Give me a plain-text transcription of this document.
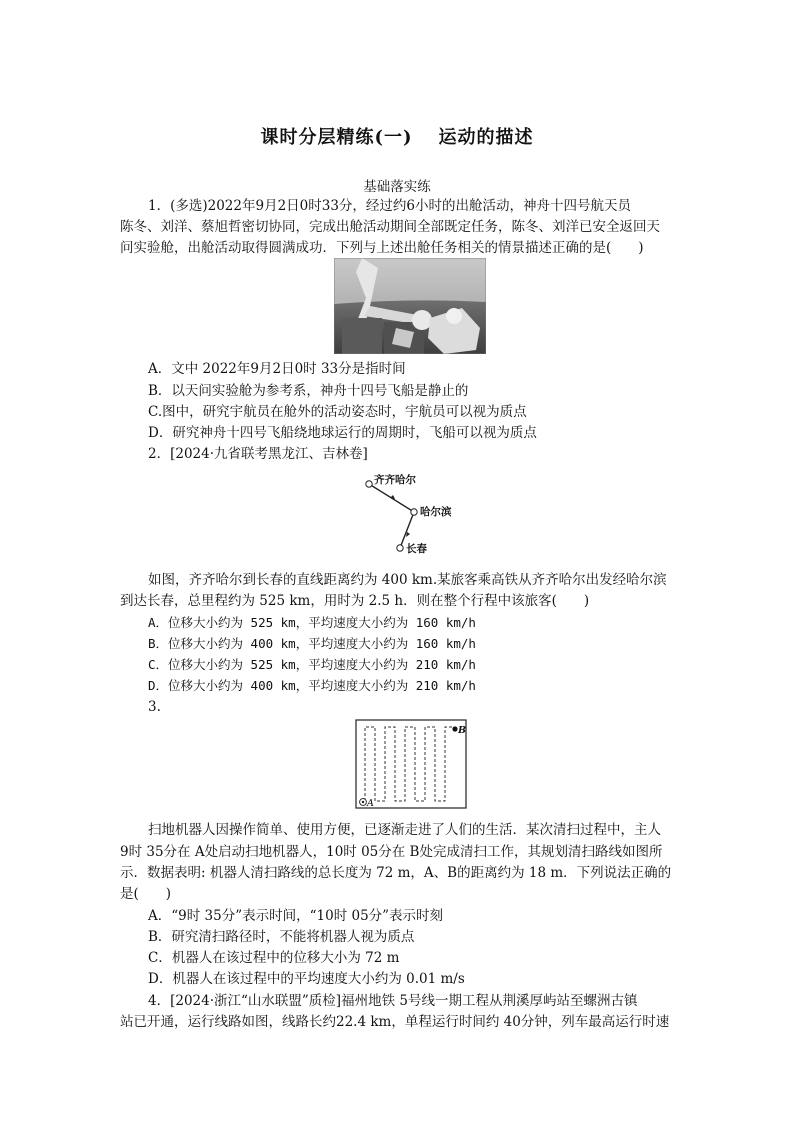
课时分层精练(一) 运动的描述
基础落实练
1．(多选)2022年9月2日0时33分，经过约6小时的出舱活动，神舟十四号航天员
陈冬、刘洋、蔡旭哲密切协同，完成出舱活动期间全部既定任务，陈冬、刘洋已安全返回天
问实验舱，出舱活动取得圆满成功．下列与上述出舱任务相关的情景描述正确的是(　　)
A．文中 2022年9月2日0时 33分是指时间
B．以天问实验舱为参考系，神舟十四号飞船是静止的
C.图中，研究宇航员在舱外的活动姿态时，宇航员可以视为质点
D．研究神舟十四号飞船绕地球运行的周期时，飞船可以视为质点
2．[2024·九省联考黑龙江、吉林卷]
齐齐哈尔
哈尔滨
长春
如图，齐齐哈尔到长春的直线距离约为 400 km.某旅客乘高铁从齐齐哈尔出发经哈尔滨
到达长春，总里程约为 525 km，用时为 2.5 h．则在整个行程中该旅客(　　)
A．位移大小约为 525 km，平均速度大小约为 160 km/h
B．位移大小约为 400 km，平均速度大小约为 160 km/h
C．位移大小约为 525 km，平均速度大小约为 210 km/h
D．位移大小约为 400 km，平均速度大小约为 210 km/h
3.
B
A
扫地机器人因操作简单、使用方便，已逐渐走进了人们的生活．某次清扫过程中，主人
9时 35分在 A处启动扫地机器人，10时 05分在 B处完成清扫工作，其规划清扫路线如图所
示．数据表明: 机器人清扫路线的总长度为 72 m，A、B的距离约为 18 m．下列说法正确的
是(　　)
A．“9时 35分”表示时间，“10时 05分”表示时刻
B．研究清扫路径时，不能将机器人视为质点
C．机器人在该过程中的位移大小为 72 m
D．机器人在该过程中的平均速度大小约为 0.01 m/s
4．[2024·浙江“山水联盟”质检]福州地铁 5号线一期工程从荆溪厚屿站至螺洲古镇
站已开通，运行线路如图，线路长约22.4 km，单程运行时间约 40分钟，列车最高运行时速
